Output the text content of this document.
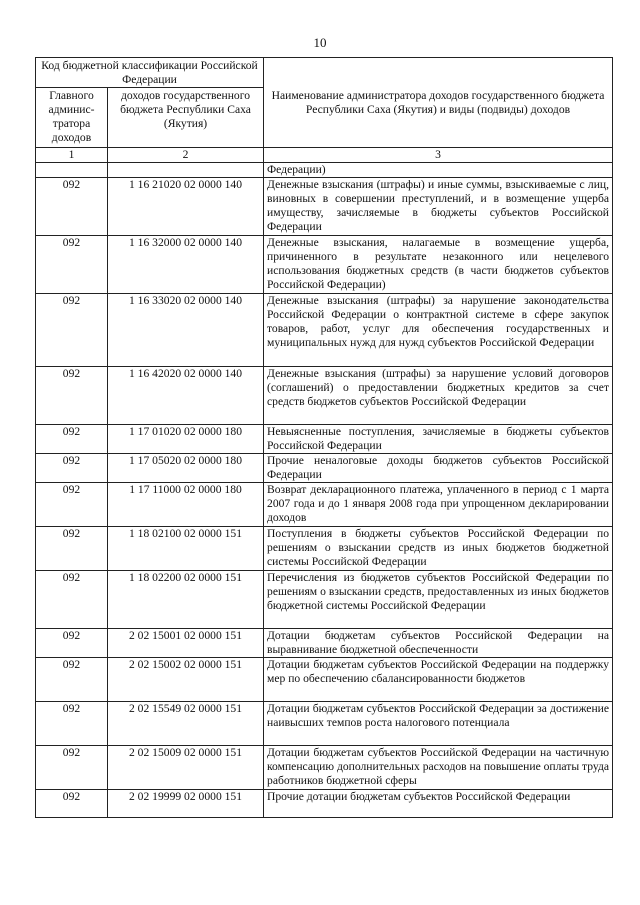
10
Код бюджетной классификации Российской Федерации		Наименование администратора доходов государственного бюджета Республики Саха (Якутия) и виды (подвиды) доходов
Главного админис-тратора доходов	доходов государственного бюджета Республики Саха (Якутия)	
1	2	3
		Федерации)
092	1 16 21020 02 0000 140	Денежные взыскания (штрафы) и иные суммы, взыскиваемые с лиц, виновных в совершении преступлений, и в возмещение ущерба имуществу, зачисляемые в бюджеты субъектов Российской Федерации
092	1 16 32000 02 0000 140	Денежные взыскания, налагаемые в возмещение ущерба, причиненного в результате незаконного или нецелевого использования бюджетных средств (в части бюджетов субъектов Российской Федерации)
092	1 16 33020 02 0000 140	Денежные взыскания (штрафы) за нарушение законодательства Российской Федерации о контрактной системе в сфере закупок товаров, работ, услуг для обеспечения государственных и муниципальных нужд для нужд субъектов Российской Федерации
092	1 16 42020 02 0000 140	Денежные взыскания (штрафы) за нарушение условий договоров (соглашений) о предоставлении бюджетных кредитов за счет средств бюджетов субъектов Российской Федерации
092	1 17 01020 02 0000 180	Невыясненные поступления, зачисляемые в бюджеты субъектов Российской Федерации
092	1 17 05020 02 0000 180	Прочие неналоговые доходы бюджетов субъектов Российской Федерации
092	1 17 11000 02 0000 180	Возврат декларационного платежа, уплаченного в период с 1 марта 2007 года и до 1 января 2008 года при упрощенном декларировании доходов
092	1 18 02100 02 0000 151	Поступления в бюджеты субъектов Российской Федерации по решениям о взыскании средств из иных бюджетов бюджетной системы Российской Федерации
092	1 18 02200 02 0000 151	Перечисления из бюджетов субъектов Российской Федерации по решениям о взыскании средств, предоставленных из иных бюджетов бюджетной системы Российской Федерации
092	2 02 15001 02 0000 151	Дотации бюджетам субъектов Российской Федерации на выравнивание бюджетной обеспеченности
092	2 02 15002 02 0000 151	Дотации бюджетам субъектов Российской Федерации на поддержку мер по обеспечению сбалансированности бюджетов
092	2 02 15549 02 0000 151	Дотации бюджетам субъектов Российской Федерации за достижение наивысших темпов роста налогового потенциала
092	2 02 15009 02 0000 151	Дотации бюджетам субъектов Российской Федерации на частичную компенсацию дополнительных расходов на повышение оплаты труда работников бюджетной сферы
092	2 02 19999 02 0000 151	Прочие дотации бюджетам субъектов Российской Федерации
